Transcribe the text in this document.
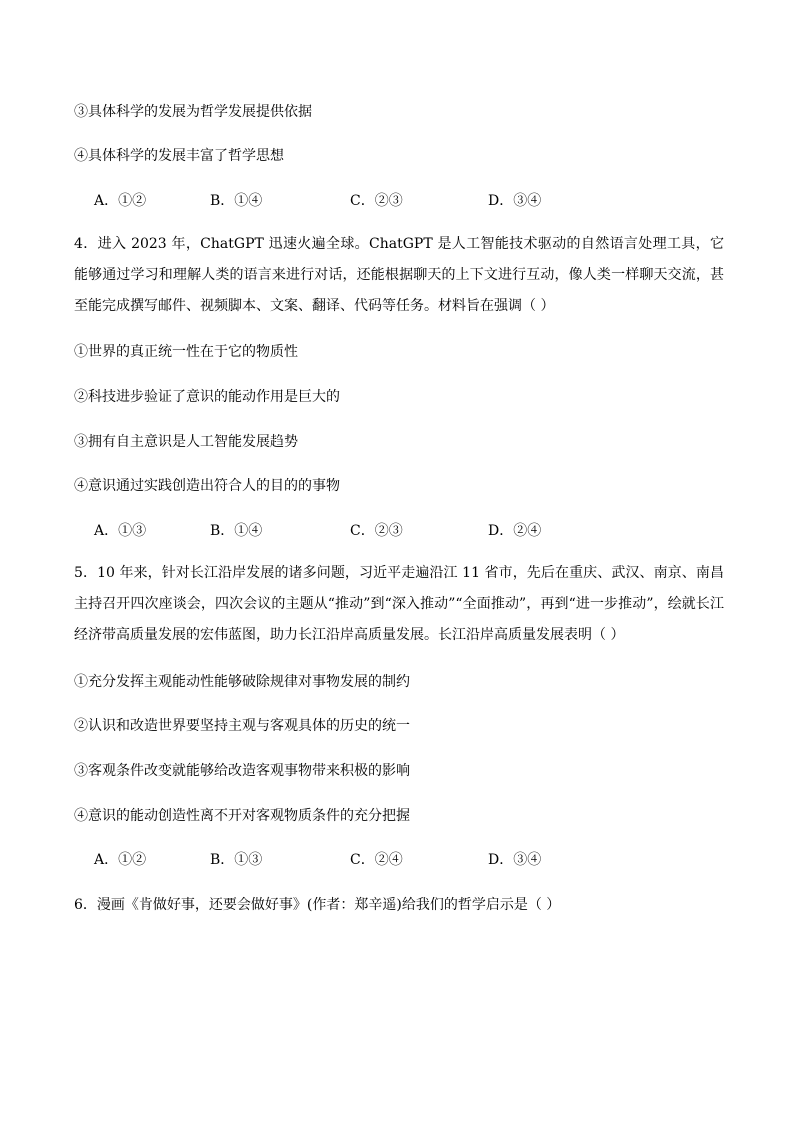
③具体科学的发展为哲学发展提供依据
④具体科学的发展丰富了哲学思想
A．①②	B．①④	C．②③	D．③④
4．进入 2023 年，ChatGPT 迅速火遍全球。ChatGPT 是人工智能技术驱动的自然语言处理工具，它能够通过学习和理解人类的语言来进行对话，还能根据聊天的上下文进行互动，像人类一样聊天交流，甚至能完成撰写邮件、视频脚本、文案、翻译、代码等任务。材料旨在强调（ ）
①世界的真正统一性在于它的物质性
②科技进步验证了意识的能动作用是巨大的
③拥有自主意识是人工智能发展趋势
④意识通过实践创造出符合人的目的的事物
A．①③	B．①④	C．②③	D．②④
5．10 年来，针对长江沿岸发展的诸多问题，习近平走遍沿江 11 省市，先后在重庆、武汉、南京、南昌主持召开四次座谈会，四次会议的主题从“推动”到“深入推动”“全面推动”，再到“进一步推动”，绘就长江经济带高质量发展的宏伟蓝图，助力长江沿岸高质量发展。长江沿岸高质量发展表明（ ）
①充分发挥主观能动性能够破除规律对事物发展的制约
②认识和改造世界要坚持主观与客观具体的历史的统一
③客观条件改变就能够给改造客观事物带来积极的影响
④意识的能动创造性离不开对客观物质条件的充分把握
A．①②	B．①③	C．②④	D．③④
6．漫画《肯做好事，还要会做好事》(作者：郑辛遥)给我们的哲学启示是（ ）
